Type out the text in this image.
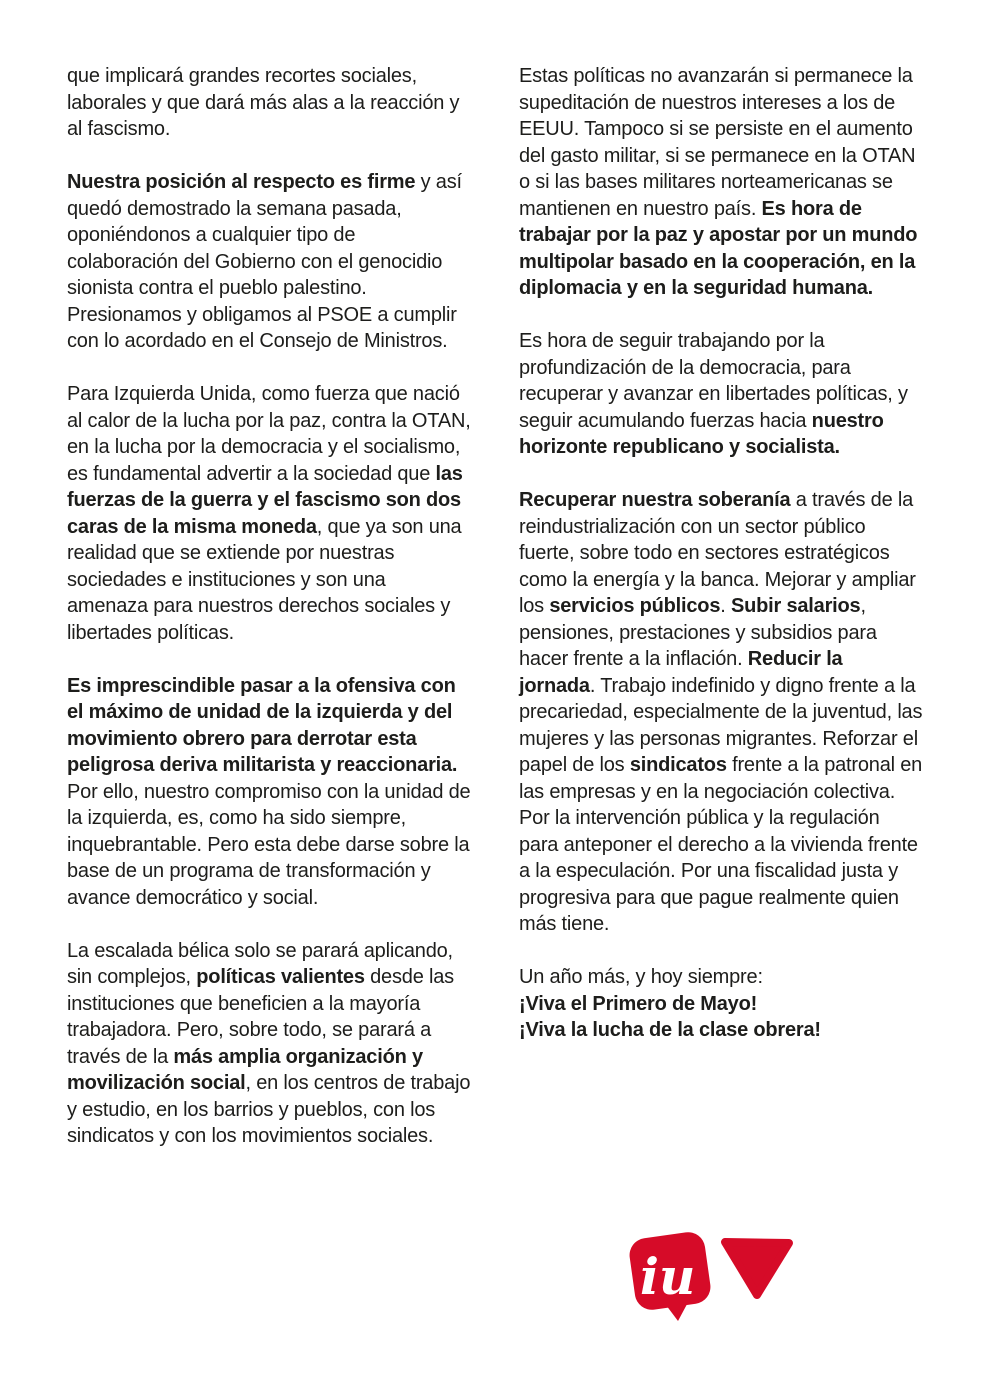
que implicará grandes recortes sociales, laborales y que dará más alas a la reacción y al fascismo.

Nuestra posición al respecto es firme y así quedó demostrado la semana pasada, oponiéndonos a cualquier tipo de colaboración del Gobierno con el genocidio sionista contra el pueblo palestino. Presionamos y obligamos al PSOE a cumplir con lo acordado en el Consejo de Ministros.

Para Izquierda Unida, como fuerza que nació al calor de la lucha por la paz, contra la OTAN, en la lucha por la democracia y el socialismo, es fundamental advertir a la sociedad que las fuerzas de la guerra y el fascismo son dos caras de la misma moneda, que ya son una realidad que se extiende por nuestras sociedades e instituciones y son una amenaza para nuestros derechos sociales y libertades políticas.

Es imprescindible pasar a la ofensiva con el máximo de unidad de la izquierda y del movimiento obrero para derrotar esta peligrosa deriva militarista y reaccionaria. Por ello, nuestro compromiso con la unidad de la izquierda, es, como ha sido siempre, inquebrantable. Pero esta debe darse sobre la base de un programa de transformación y avance democrático y social.

La escalada bélica solo se parará aplicando, sin complejos, políticas valientes desde las instituciones que beneficien a la mayoría trabajadora. Pero, sobre todo, se parará a través de la más amplia organización y movilización social, en los centros de trabajo y estudio, en los barrios y pueblos, con los sindicatos y con los movimientos sociales.

Estas políticas no avanzarán si permanece la supeditación de nuestros intereses a los de EEUU. Tampoco si se persiste en el aumento del gasto militar, si se permanece en la OTAN o si las bases militares norteamericanas se mantienen en nuestro país. Es hora de trabajar por la paz y apostar por un mundo multipolar basado en la cooperación, en la diplomacia y en la seguridad humana.

Es hora de seguir trabajando por la profundización de la democracia, para recuperar y avanzar en libertades políticas, y seguir acumulando fuerzas hacia nuestro horizonte republicano y socialista.

Recuperar nuestra soberanía a través de la reindustrialización con un sector público fuerte, sobre todo en sectores estratégicos como la energía y la banca. Mejorar y ampliar los servicios públicos. Subir salarios, pensiones, prestaciones y subsidios para hacer frente a la inflación. Reducir la jornada. Trabajo indefinido y digno frente a la precariedad, especialmente de la juventud, las mujeres y las personas migrantes. Reforzar el papel de los sindicatos frente a la patronal en las empresas y en la negociación colectiva. Por la intervención pública y la regulación para anteponer el derecho a la vivienda frente a la especulación. Por una fiscalidad justa y progresiva para que pague realmente quien más tiene.

Un año más, y hoy siempre:
¡Viva el Primero de Mayo!
¡Viva la lucha de la clase obrera!

iu
